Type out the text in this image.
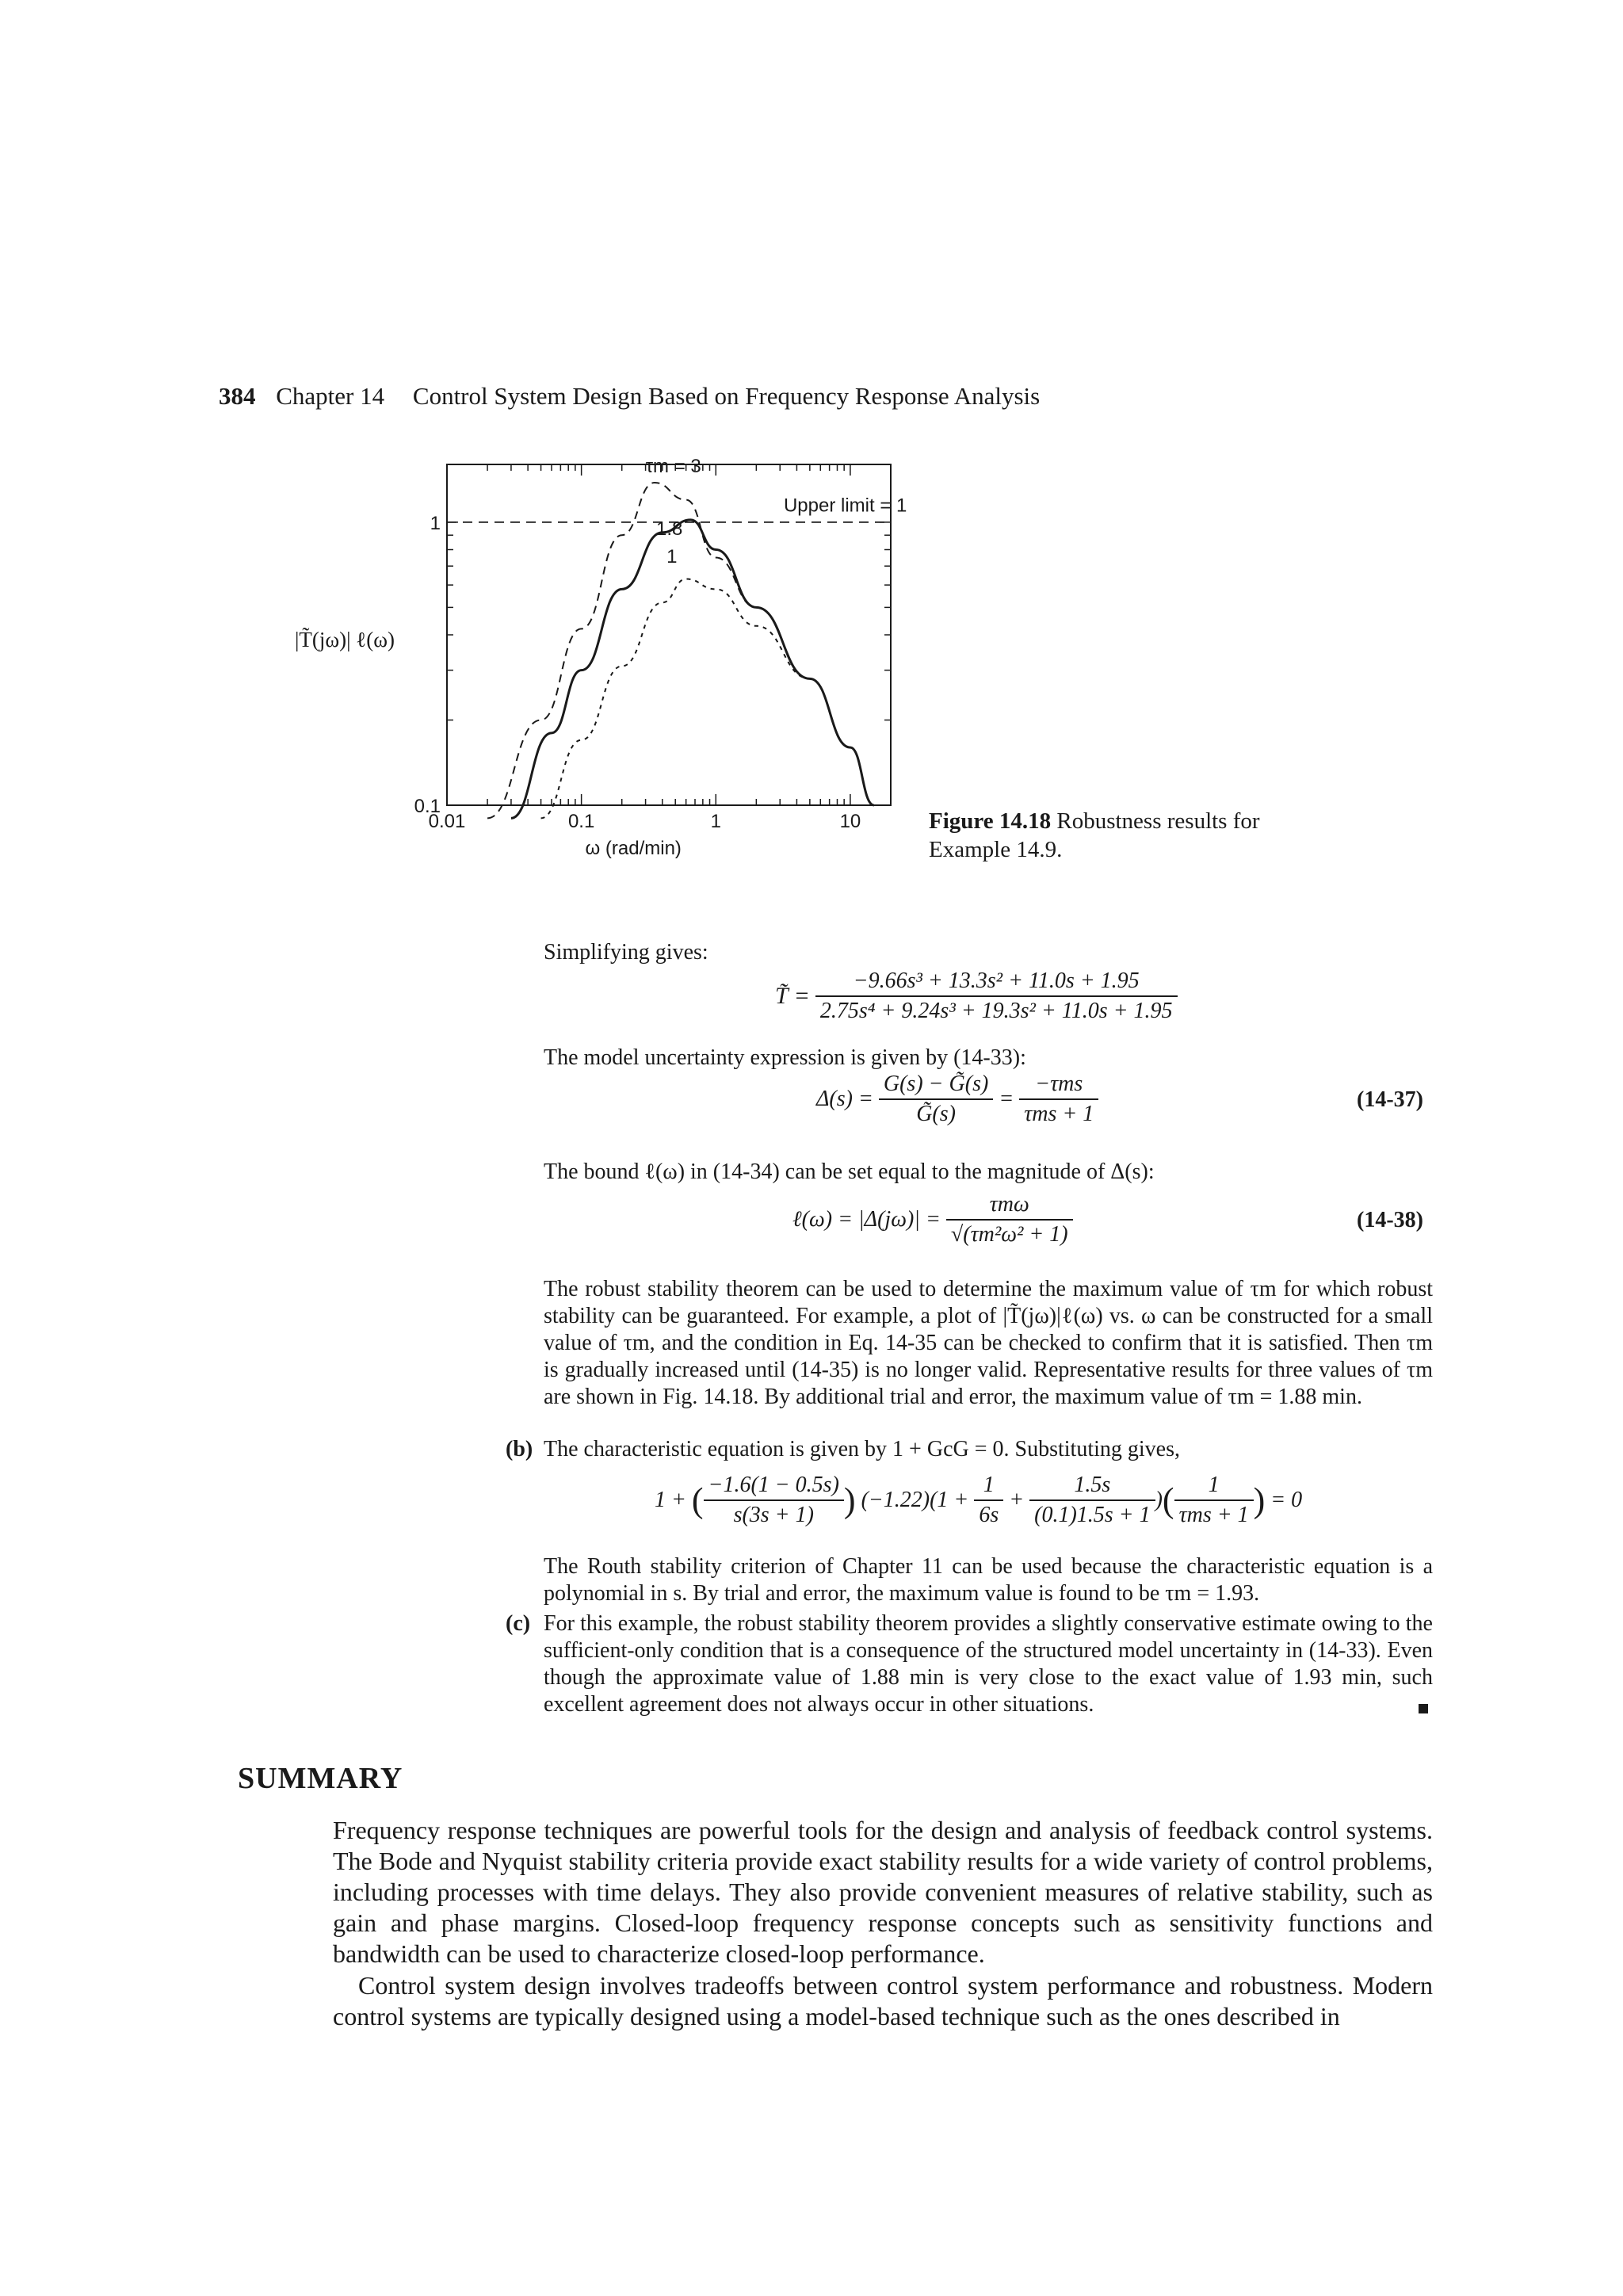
384 Chapter 14 Control System Design Based on Frequency Response Analysis
0.01	0.1	1	10
0.1
1
ω (rad/min)
τm = 3
Upper limit = 1
1.8
1
|T̃(jω)| ℓ(ω)
Figure 14.18 Robustness results for Example 14.9.
Simplifying gives:
T̃ = $\frac{\text{−9.66s³ + 13.3s² + 11.0s + 1.95}}{\text{2.75s⁴ + 9.24s³ + 19.3s² + 11.0s + 1.95}}$
The model uncertainty expression is given by (14-33):
$\Delta(s) = \frac{G(s) - G̃(s)}{G̃(s)} = \frac{\text{−τms}}{\text{τms + 1}}$	(14-37)
The bound ℓ(ω) in (14-34) can be set equal to the magnitude of Δ(s):
ℓ(ω) = $|\Delta(j\omega)| = \frac{\text{τmω}}{\text{√(τm²ω² + 1)}}$	(14-38)
The robust stability theorem can be used to determine the maximum value of τm for which robust stability can be guaranteed. For example, a plot of |T̃(jω)|ℓ(ω) vs. ω can be constructed for a small value of τm, and the condition in Eq. 14-35 can be checked to confirm that it is satisfied. Then τm is gradually increased until (14-35) is no longer valid. Representative results for three values of τm are shown in Fig. 14.18. By additional trial and error, the maximum value of τm = 1.88 min.
(b) The characteristic equation is given by 1 + GcG = 0. Substituting gives,
1 + ( $\frac{-1.6(1 - 0.5s)}{s(3s + 1)}$ ) $(-1.22)(1 + \frac{1}{6s} + \frac{1.5s}{(0.1)1.5s + 1}$ )( $\frac{1}{\text{τms + 1}}$ ) = 0
The Routh stability criterion of Chapter 11 can be used because the characteristic equation is a polynomial in s. By trial and error, the maximum value is found to be τm = 1.93.
(c) For this example, the robust stability theorem provides a slightly conservative estimate owing to the sufficient-only condition that is a consequence of the structured model uncertainty in (14-33). Even though the approximate value of 1.88 min is very close to the exact value of 1.93 min, such excellent agreement does not always occur in other situations.
SUMMARY
Frequency response techniques are powerful tools for the design and analysis of feedback control systems. The Bode and Nyquist stability criteria provide exact stability results for a wide variety of control problems, including processes with time delays. They also provide convenient measures of relative stability, such as gain and phase margins. Closed-loop frequency response concepts such as sensitivity functions and bandwidth can be used to characterize closed-loop performance.
Control system design involves tradeoffs between control system performance and robustness. Modern control systems are typically designed using a model-based technique such as the ones described in
